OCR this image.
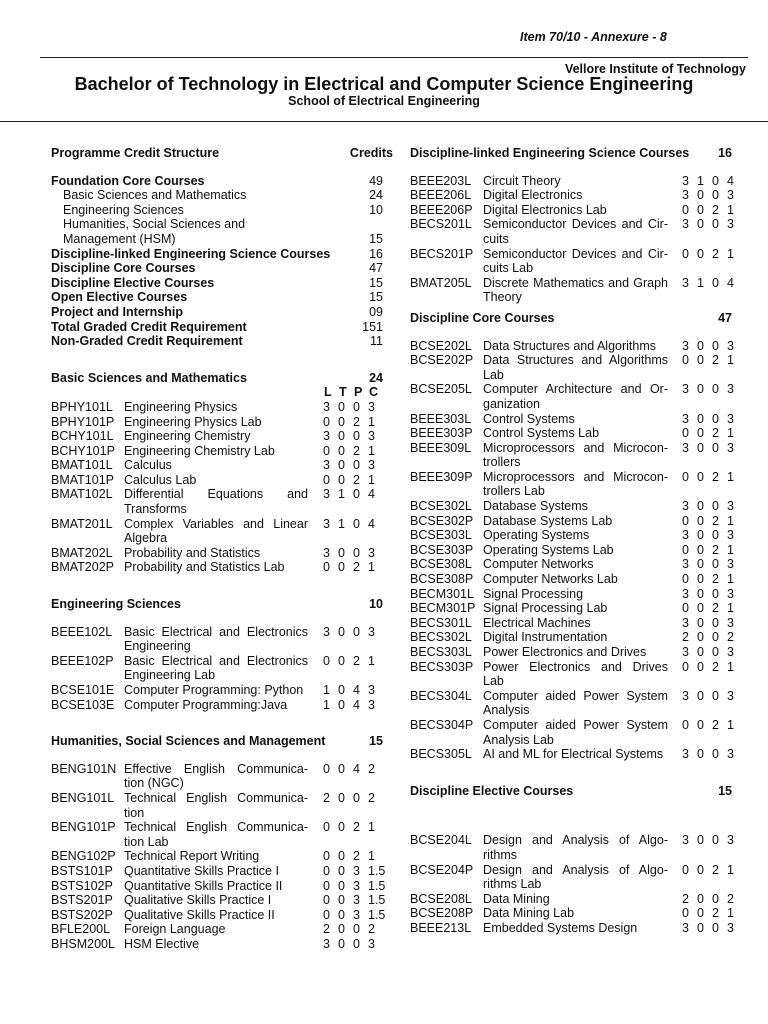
Item 70/10 - Annexure - 8
Vellore Institute of Technology
Bachelor of Technology in Electrical and Computer Science Engineering
School of Electrical Engineering
Programme Credit Structure	Credits
Foundation Core Courses	49
Basic Sciences and Mathematics	24
Engineering Sciences	10
Humanities, Social Sciences and
Management (HSM)	15
Discipline-linked Engineering Science Courses	16
Discipline Core Courses	47
Discipline Elective Courses	15
Open Elective Courses	15
Project and Internship	09
Total Graded Credit Requirement	151
Non-Graded Credit Requirement	11
Basic Sciences and Mathematics	24
L T P C
BPHY101L Engineering Physics	3 0 0 3
BPHY101P Engineering Physics Lab	0 0 2 1
BCHY101L Engineering Chemistry	3 0 0 3
BCHY101P Engineering Chemistry Lab	0 0 2 1
BMAT101L Calculus	3 0 0 3
BMAT101P Calculus Lab	0 0 2 1
BMAT102L Differential Equations and Transforms
3 1 0 4
BMAT201L Complex Variables and Linear Algebra
3 1 0 4
BMAT202L Probability and Statistics	3 0 0 3
BMAT202P Probability and Statistics Lab	0 0 2 1
Engineering Sciences	10
BEEE102L Basic Electrical and Electronics Engineering
3 0 0 3
BEEE102P Basic Electrical and Electronics Engineering Lab
0 0 2 1
BCSE101E Computer Programming: Python	1 0 4 3
BCSE103E Computer Programming:Java	1 0 4 3
Humanities, Social Sciences and Management	15
BENG101N Effective English Communica-tion (NGC)
0 0 4 2
BENG101L Technical English Communica-tion
2 0 0 2
BENG101P Technical English Communica-tion Lab
0 0 2 1
BENG102P Technical Report Writing	0 0 2 1
BSTS101P Quantitative Skills Practice I	0 0 3 1.5
BSTS102P Quantitative Skills Practice II	0 0 3 1.5
BSTS201P Qualitative Skills Practice I	0 0 3 1.5
BSTS202P Qualitative Skills Practice II	0 0 3 1.5
BFLE200L	Foreign Language	2 0 0 2
BHSM200L HSM Elective	3 0 0 3
Discipline-linked Engineering Science Courses 16
BEEE203L Circuit Theory	3 1 0 4
BEEE206L Digital Electronics	3 0 0 3
BEEE206P Digital Electronics Lab	0 0 2 1
BECS201L Semiconductor Devices and Cir-cuits
3 0 0 3
BECS201P Semiconductor Devices and Cir-cuits Lab
0 0 2 1
BMAT205L Discrete Mathematics and Graph Theory
3 1 0 4
Discipline Core Courses	47
BCSE202L Data Structures and Algorithms	3 0 0 3
BCSE202P Data Structures and Algorithms Lab
0 0 2 1
BCSE205L Computer Architecture and Or-ganization
3 0 0 3
BEEE303L Control Systems	3 0 0 3
BEEE303P Control Systems Lab	0 0 2 1
BEEE309L Microprocessors and Microcon-trollers
3 0 0 3
BEEE309P Microprocessors and Microcon-trollers Lab
0 0 2 1
BCSE302L Database Systems	3 0 0 3
BCSE302P Database Systems Lab	0 0 2 1
BCSE303L Operating Systems	3 0 0 3
BCSE303P Operating Systems Lab	0 0 2 1
BCSE308L Computer Networks	3 0 0 3
BCSE308P Computer Networks Lab	0 0 2 1
BECM301L Signal Processing	3 0 0 3
BECM301P Signal Processing Lab	0 0 2 1
BECS301L Electrical Machines	3 0 0 3
BECS302L Digital Instrumentation	2 0 0 2
BECS303L Power Electronics and Drives	3 0 0 3
BECS303P Power Electronics and Drives Lab
0 0 2 1
BECS304L Computer aided Power System Analysis
3 0 0 3
BECS304P Computer aided Power System Analysis Lab
0 0 2 1
BECS305L AI and ML for Electrical Systems	3 0 0 3
Discipline Elective Courses	15
BCSE204L Design and Analysis of Algo-rithms
3 0 0 3
BCSE204P Design and Analysis of Algo-rithms Lab
0 0 2 1
BCSE208L Data Mining	2 0 0 2
BCSE208P Data Mining Lab	0 0 2 1
BEEE213L Embedded Systems Design	3 0 0 3
